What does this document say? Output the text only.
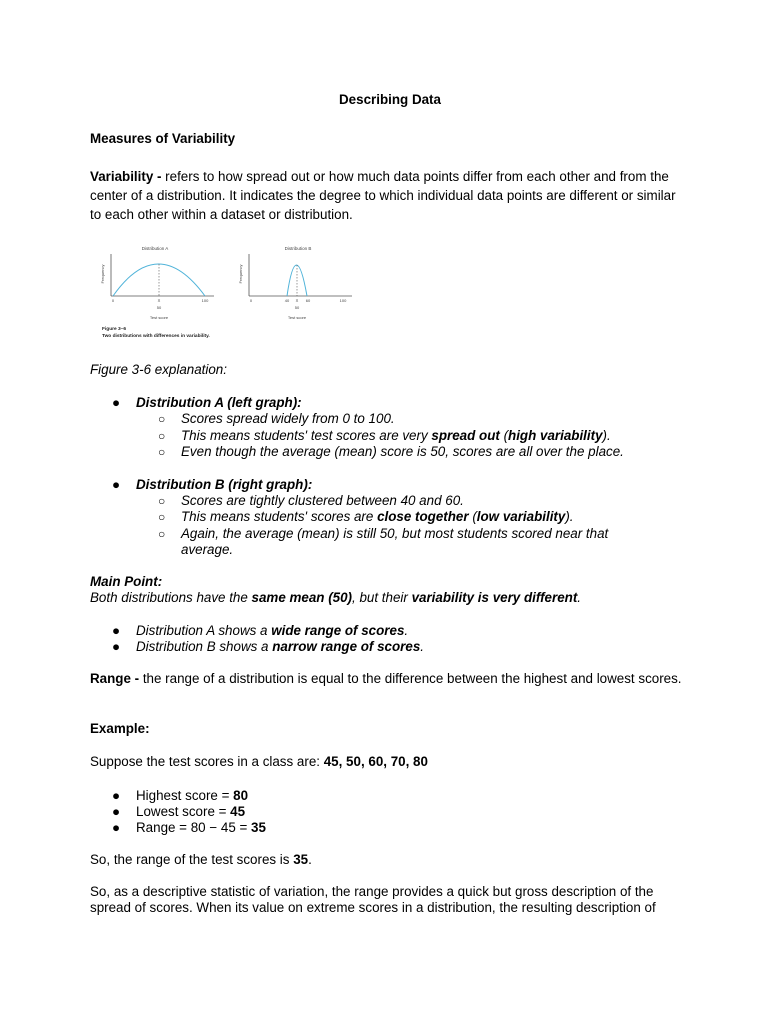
Describing Data
Measures of Variability
Variability - refers to how spread out or how much data points differ from each other and from the center of a distribution. It indicates the degree to which individual data points are different or similar to each other within a dataset or distribution.
Distribution A
Frequency
0	X̄	100
50
Test score
Distribution B
Frequency
0	40 X̄ 60	100
50
Test score
Figure 3–6
Two distributions with differences in variability.
Figure 3-6 explanation:
● Distribution A (left graph):
○ Scores spread widely from 0 to 100.
○ This means students' test scores are very spread out (high variability).
○ Even though the average (mean) score is 50, scores are all over the place.
● Distribution B (right graph):
○ Scores are tightly clustered between 40 and 60.
○ This means students' scores are close together (low variability).
○ Again, the average (mean) is still 50, but most students scored near that average.
Main Point:
Both distributions have the same mean (50), but their variability is very different.
● Distribution A shows a wide range of scores.
● Distribution B shows a narrow range of scores.
Range - the range of a distribution is equal to the difference between the highest and lowest scores.
Example:
Suppose the test scores in a class are: 45, 50, 60, 70, 80
● Highest score = 80
● Lowest score = 45
● Range = 80 − 45 = 35
So, the range of the test scores is 35.
So, as a descriptive statistic of variation, the range provides a quick but gross description of the spread of scores. When its value on extreme scores in a distribution, the resulting description of
